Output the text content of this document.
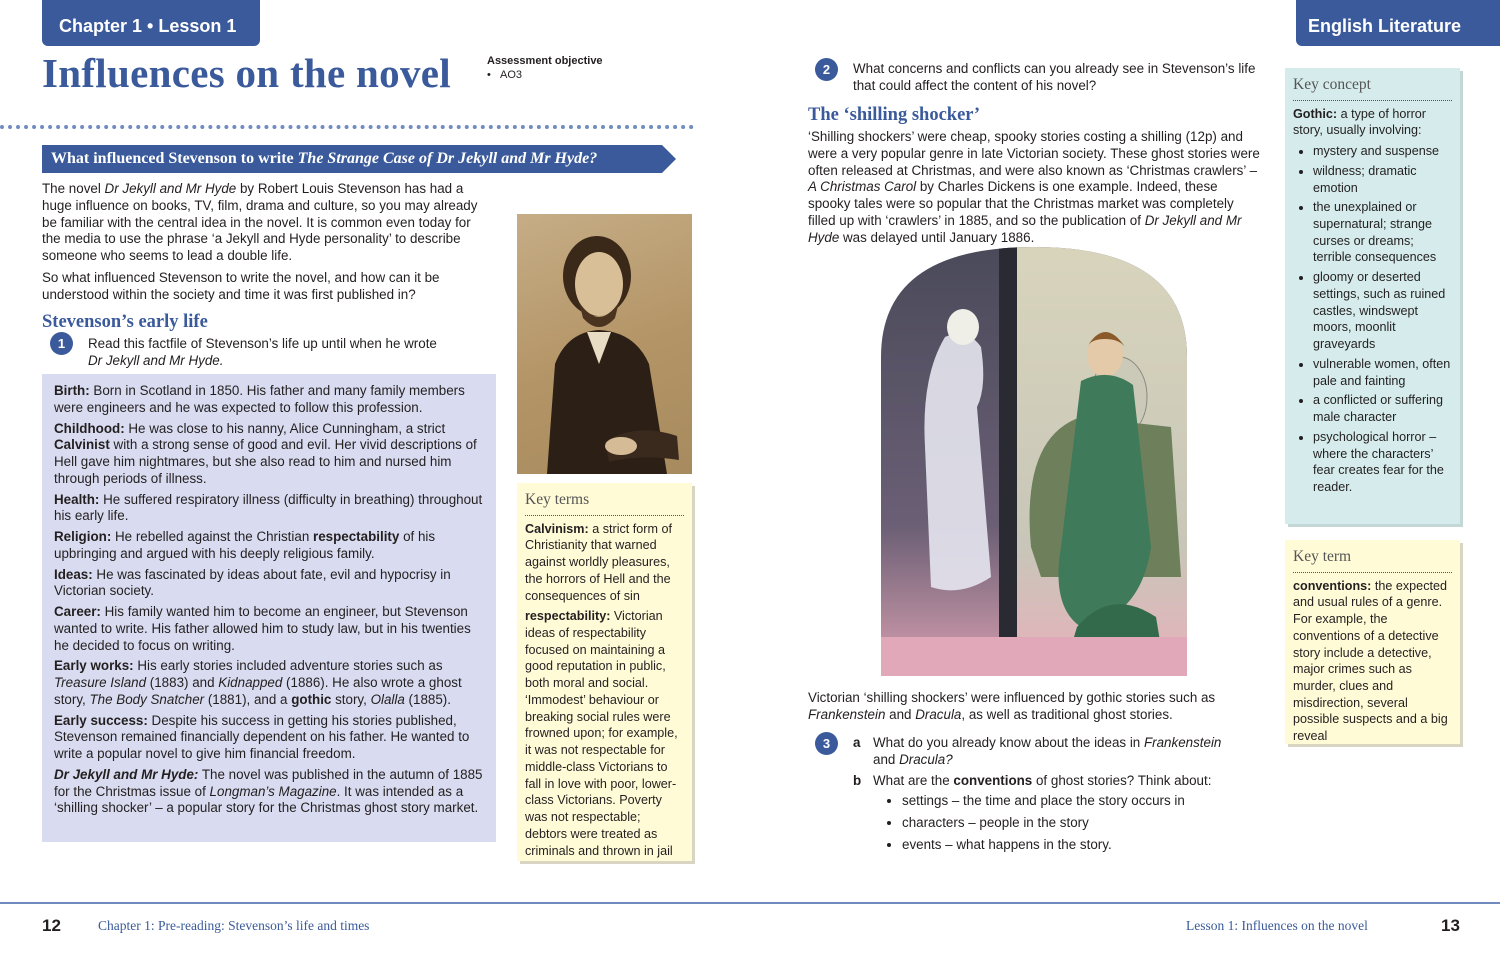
Chapter 1 • Lesson 1	English Literature
Influences on the novel	Assessment objective
•   AO3
What influenced Stevenson to write The Strange Case of Dr Jekyll and Mr Hyde?

The novel Dr Jekyll and Mr Hyde by Robert Louis Stevenson has had a huge influence on books, TV, film, drama and culture, so you may already be familiar with the central idea in the novel. It is common even today for the media to use the phrase ‘a Jekyll and Hyde personality’ to describe someone who seems to lead a double life.

So what influenced Stevenson to write the novel, and how can it be understood within the society and time it was first published in?

Stevenson’s early life
1	Read this factfile of Stevenson’s life up until when he wrote
Dr Jekyll and Mr Hyde.

Birth: Born in Scotland in 1850. His father and many family members were engineers and he was expected to follow this profession.

Childhood: He was close to his nanny, Alice Cunningham, a strict Calvinist with a strong sense of good and evil. Her vivid descriptions of Hell gave him nightmares, but she also read to him and nursed him through periods of illness.

Health: He suffered respiratory illness (difficulty in breathing) throughout his early life.

Religion: He rebelled against the Christian respectability of his upbringing and argued with his deeply religious family.

Ideas: He was fascinated by ideas about fate, evil and hypocrisy in Victorian society.

Career: His family wanted him to become an engineer, but Stevenson wanted to write. His father allowed him to study law, but in his twenties he decided to focus on writing.

Early works: His early stories included adventure stories such as Treasure Island (1883) and Kidnapped (1886). He also wrote a ghost story, The Body Snatcher (1881), and a gothic story, Olalla (1885).

Early success: Despite his success in getting his stories published, Stevenson remained financially dependent on his father. He wanted to write a popular novel to give him financial freedom.

Dr Jekyll and Mr Hyde: The novel was published in the autumn of 1885 for the Christmas issue of Longman’s Magazine. It was intended as a ‘shilling shocker’ – a popular story for the Christmas ghost story market.

Key terms

Calvinism: a strict form of Christianity that warned against worldly pleasures, the horrors of Hell and the consequences of sin

respectability: Victorian ideas of respectability focused on maintaining a good reputation in public, both moral and social. ‘Immodest’ behaviour or breaking social rules were frowned upon; for example, it was not respectable for middle-class Victorians to fall in love with poor, lower-class Victorians. Poverty was not respectable; debtors were treated as criminals and thrown in jail

2	What concerns and conflicts can you already see in Stevenson’s life that could affect the content of his novel?
The ‘shilling shocker’
‘Shilling shockers’ were cheap, spooky stories costing a shilling (12p) and were a very popular genre in late Victorian society. These ghost stories were often released at Christmas, and were also known as ‘Christmas crawlers’ – A Christmas Carol by Charles Dickens is one example. Indeed, these spooky tales were so popular that the Christmas market was completely filled up with ‘crawlers’ in 1885, and so the publication of Dr Jekyll and Mr Hyde was delayed until January 1886.
Victorian ‘shilling shockers’ were influenced by gothic stories such as Frankenstein and Dracula, as well as traditional ghost stories.
3	a What do you already know about the ideas in Frankenstein
and Dracula?
b What are the conventions of ghost stories? Think about:
• settings – the time and place the story occurs in
• characters – people in the story
• events – what happens in the story.
Key concept

Gothic: a type of horror story, usually involving:

• mystery and suspense
• wildness; dramatic emotion
• the unexplained or supernatural; strange curses or dreams; terrible consequences
• gloomy or deserted settings, such as ruined castles, windswept moors, moonlit graveyards
• vulnerable women, often pale and fainting
• a conflicted or suffering male character
• psychological horror – where the characters’ fear creates fear for the reader.
Key term

conventions: the expected and usual rules of a genre. For example, the conventions of a detective story include a detective, major crimes such as murder, clues and misdirection, several possible suspects and a big reveal

12	Chapter 1: Pre-reading: Stevenson’s life and times	Lesson 1: Influences on the novel	13
